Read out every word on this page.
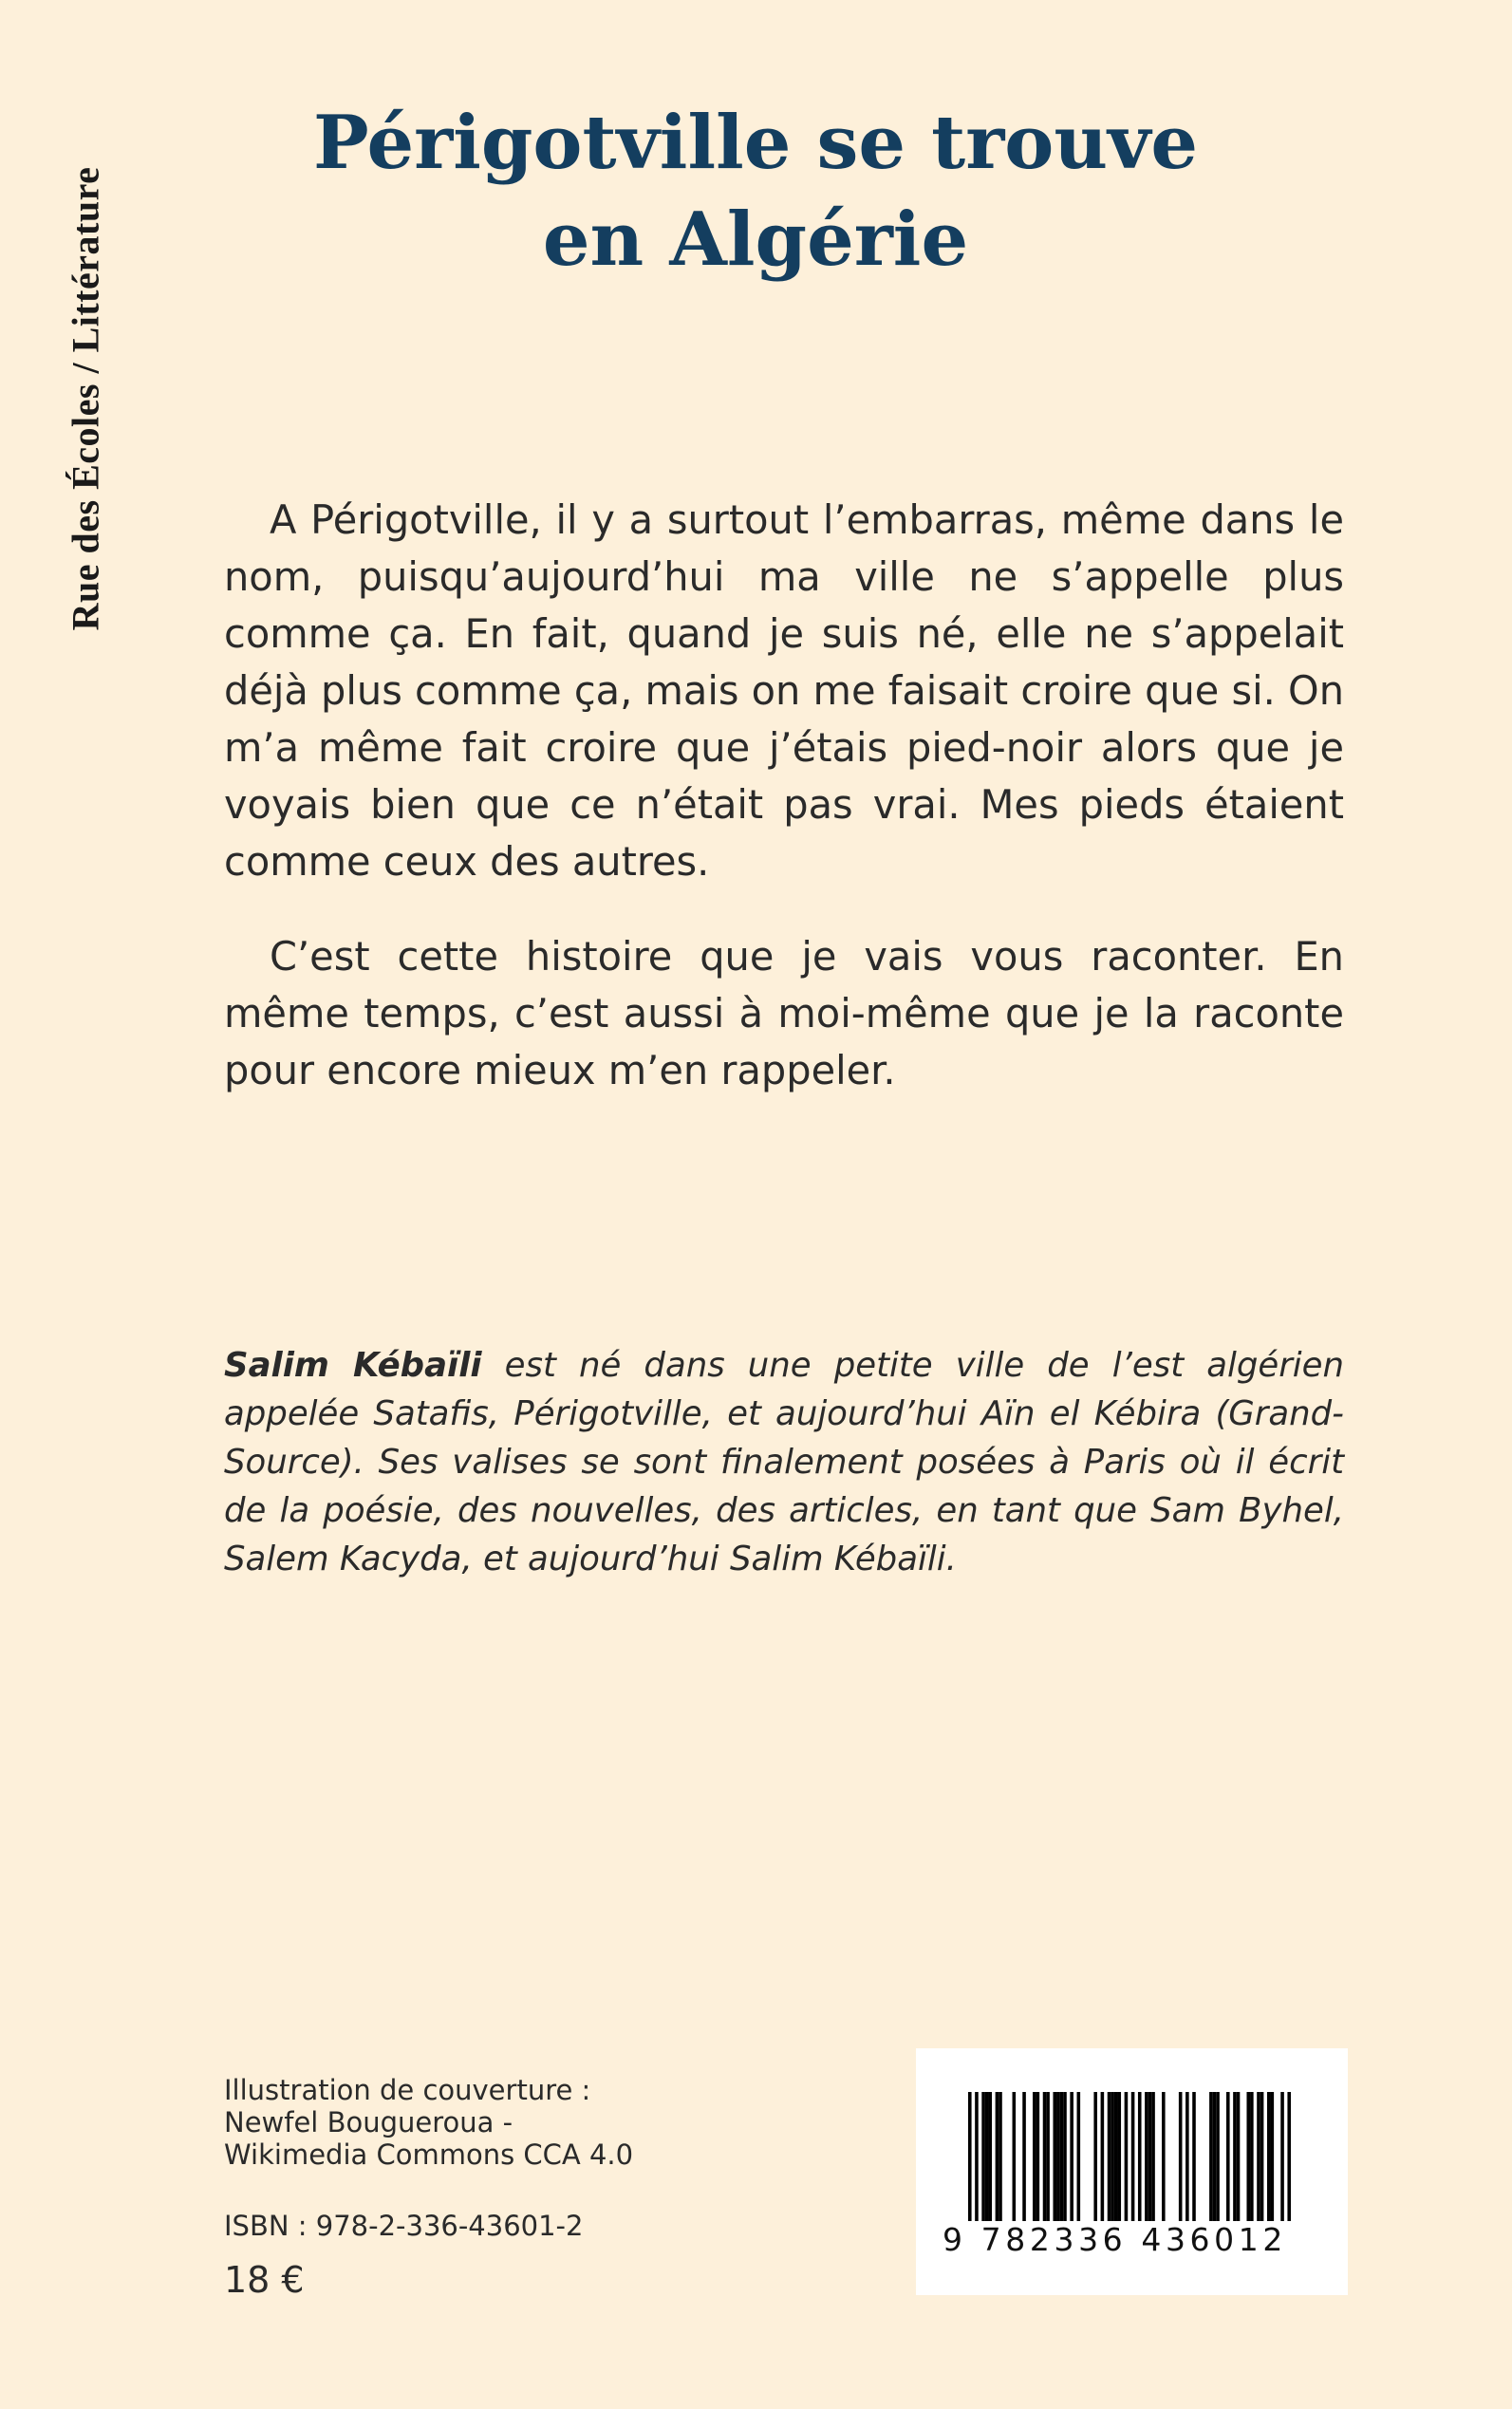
Rue des Écoles / Littérature
Périgotville se trouve
en Algérie

A Périgotville, il y a surtout l’embarras, même dans le nom, puisqu’aujourd’hui ma ville ne s’appelle plus comme ça. En fait, quand je suis né, elle ne s’appelait déjà plus comme ça, mais on me faisait croire que si. On m’a même fait croire que j’étais pied-noir alors que je voyais bien que ce n’était pas vrai. Mes pieds étaient comme ceux des autres.

C’est cette histoire que je vais vous raconter. En même temps, c’est aussi à moi-même que je la raconte pour encore mieux m’en rappeler.

Salim Kébaïli est né dans une petite ville de l’est algérien appelée Satafis, Périgotville, et aujourd’hui Aïn el Kébira (Grand-Source). Ses valises se sont finalement posées à Paris où il écrit de la poésie, des nouvelles, des articles, en tant que Sam Byhel, Salem Kacyda, et aujourd’hui Salim Kébaïli.

Illustration de couverture :
Newfel Bougueroua -
Wikimedia Commons CCA 4.0
ISBN : 978-2-336-43601-2
18 €
9 782336 436012
